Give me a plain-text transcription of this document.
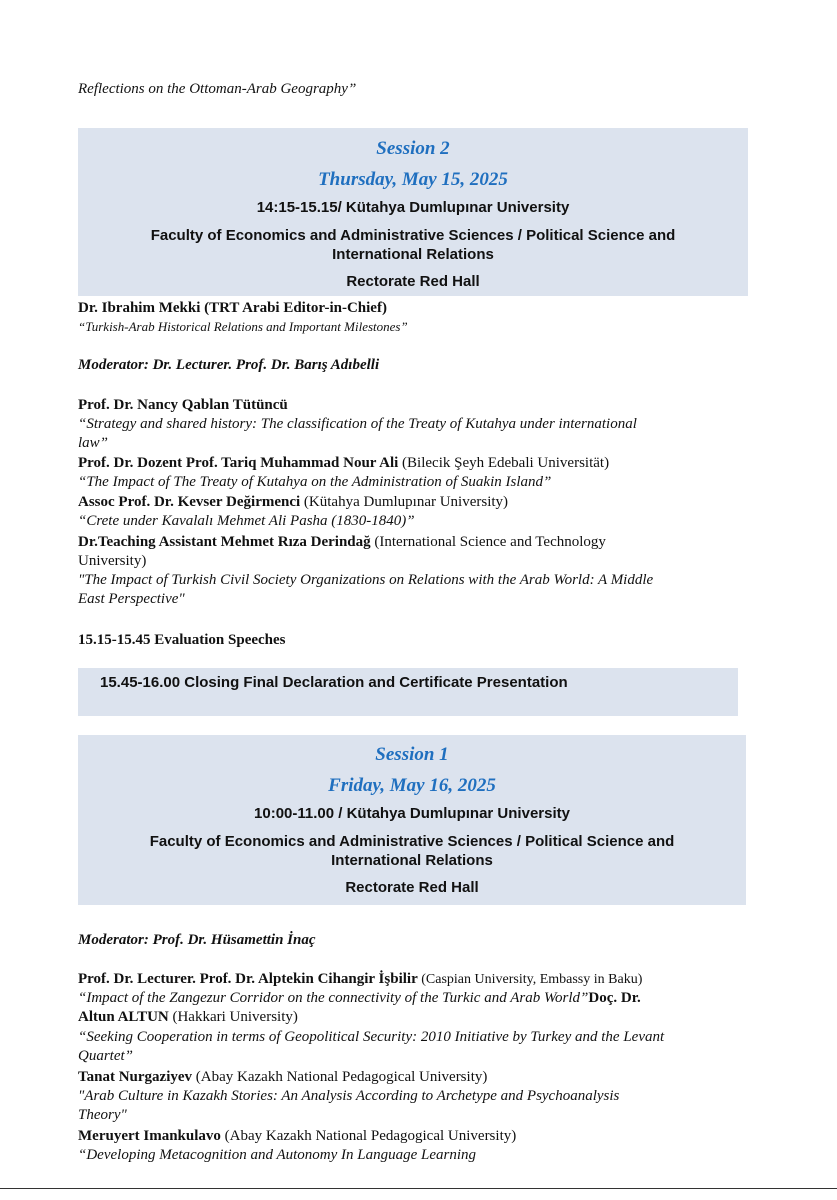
Reflections on the Ottoman-Arab Geography”
Session 2
Thursday, May 15, 2025
14:15-15.15/ Kütahya Dumlupınar University
Faculty of Economics and Administrative Sciences / Political Science and
International Relations
Rectorate Red Hall
Dr. Ibrahim Mekki (TRT Arabi Editor-in-Chief)
“Turkish-Arab Historical Relations and Important Milestones”
Moderator: Dr. Lecturer. Prof. Dr. Barış Adıbelli
Prof. Dr. Nancy Qablan Tütüncü
“Strategy and shared history: The classification of the Treaty of Kutahya under international
law”
Prof. Dr. Dozent Prof. Tariq Muhammad Nour Ali (Bilecik Şeyh Edebali Universität)
“The Impact of The Treaty of Kutahya on the Administration of Suakin Island”
Assoc Prof. Dr. Kevser Değirmenci (Kütahya Dumlupınar University)
“Crete under Kavalalı Mehmet Ali Pasha (1830-1840)”
Dr.Teaching Assistant Mehmet Rıza Derindağ (International Science and Technology
University)
"The Impact of Turkish Civil Society Organizations on Relations with the Arab World: A Middle
East Perspective"
15.15-15.45 Evaluation Speeches
15.45-16.00 Closing Final Declaration and Certificate Presentation
Session 1
Friday, May 16, 2025
10:00-11.00 / Kütahya Dumlupınar University
Faculty of Economics and Administrative Sciences / Political Science and
International Relations
Rectorate Red Hall
Moderator: Prof. Dr. Hüsamettin İnaç
Prof. Dr. Lecturer. Prof. Dr. Alptekin Cihangir İşbilir (Caspian University, Embassy in Baku)
“Impact of the Zangezur Corridor on the connectivity of the Turkic and Arab World”Doç. Dr.
Altun ALTUN (Hakkari University)
“Seeking Cooperation in terms of Geopolitical Security: 2010 Initiative by Turkey and the Levant
Quartet”
Tanat Nurgaziyev (Abay Kazakh National Pedagogical University)
"Arab Culture in Kazakh Stories: An Analysis According to Archetype and Psychoanalysis
Theory"
Meruyert Imankulavo (Abay Kazakh National Pedagogical University)
“Developing Metacognition and Autonomy In Language Learning
